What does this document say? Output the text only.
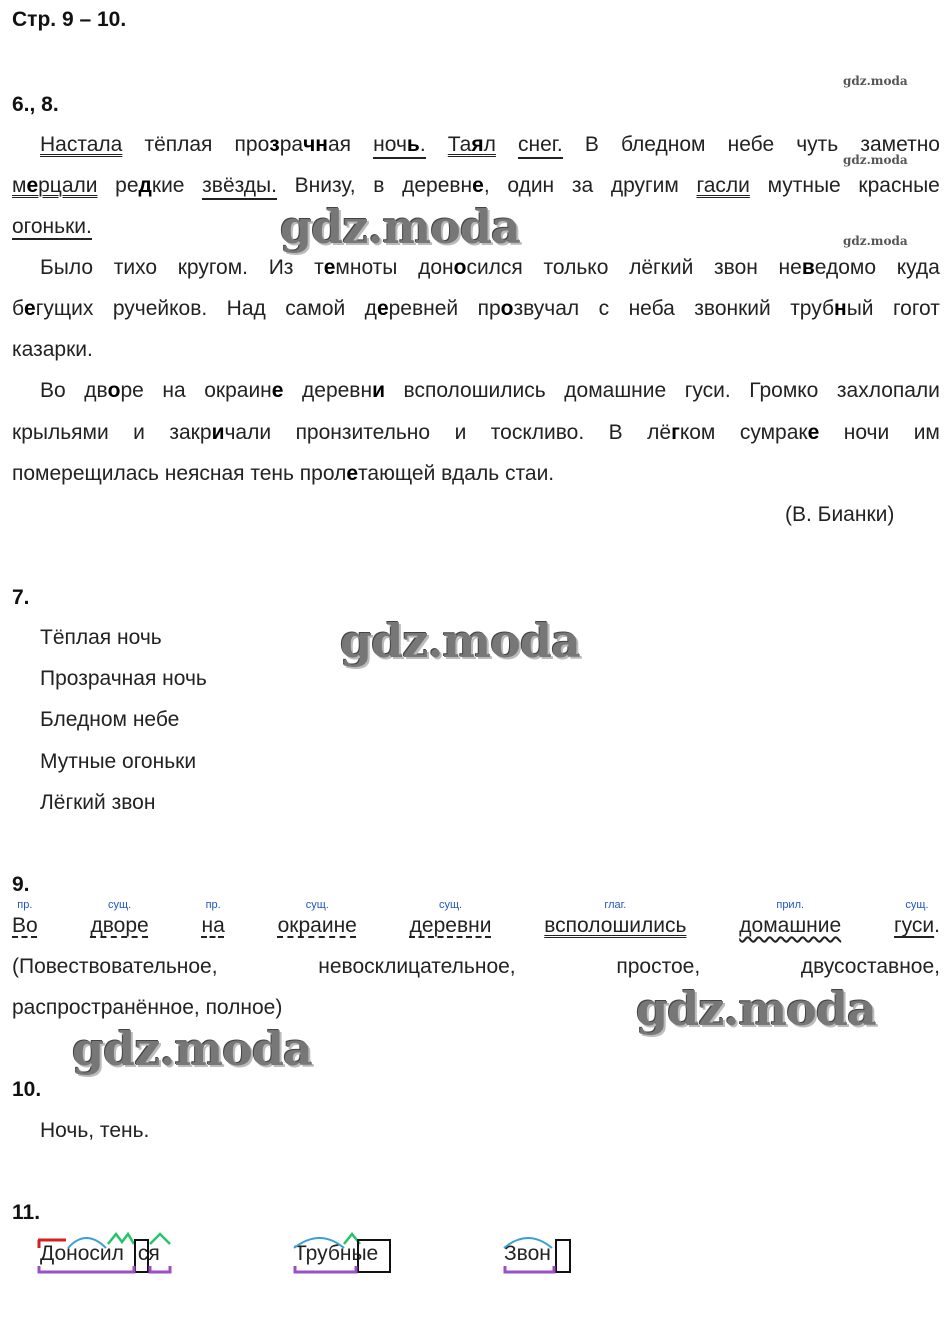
Стр. 9 – 10.
gdz.moda
gdz.moda
gdz.moda
6., 8.
Настала тёплая прозрачная ночь. Таял снег. В бледном небе чуть заметно
мерцали редкие звёзды. Внизу, в деревне, один за другим гасли мутные красные
огоньки.
Было тихо кругом. Из темноты доносился только лёгкий звон неведомо куда
бегущих ручейков. Над самой деревней прозвучал с неба звонкий трубный гогот
казарки.
Во дворе на окраине деревни всполошились домашние гуси. Громко захлопали
крыльями и закричали пронзительно и тоскливо. В лёгком сумраке ночи им
померещилась неясная тень пролетающей вдаль стаи.
(В. Бианки)
gdz.moda
7.
Тёплая ночь
Прозрачная ночь
Бледном небе
Мутные огоньки
Лёгкий звон
gdz.moda
9.
пр.
Во
сущ.
дворе
пр.
на
сущ.
окраине
сущ.
деревни
глаг.
всполошились
прил.
домашние
сущ.
гуси.
(Повествовательное,	невосклицательное,	простое,	двусоставное,
распространённое, полное)	gdz.moda
gdz.moda
10.
Ночь, тень.
11.
Доносил ся	Трубные	Звон
